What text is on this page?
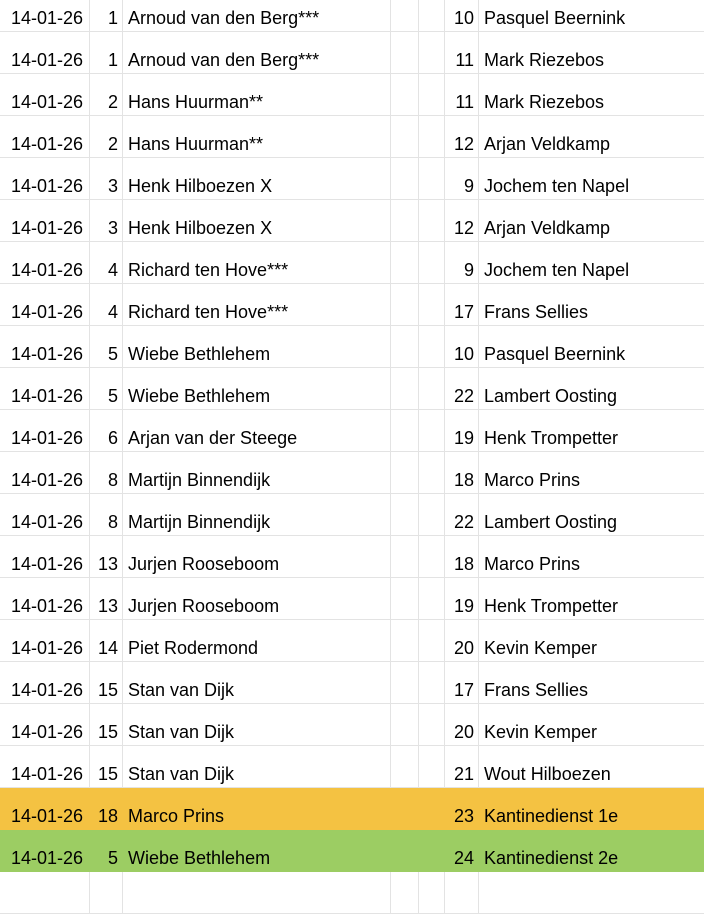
14-01-26	1 Arnoud van den Berg***	10 Pasquel Beernink
14-01-26	1 Arnoud van den Berg***	11 Mark Riezebos
14-01-26	2 Hans Huurman**	11 Mark Riezebos
14-01-26	2 Hans Huurman**	12 Arjan Veldkamp
14-01-26	3 Henk Hilboezen X	9 Jochem ten Napel
14-01-26	3 Henk Hilboezen X	12 Arjan Veldkamp
14-01-26	4 Richard ten Hove***	9 Jochem ten Napel
14-01-26	4 Richard ten Hove***	17 Frans Sellies
14-01-26	5 Wiebe Bethlehem	10 Pasquel Beernink
14-01-26	5 Wiebe Bethlehem	22 Lambert Oosting
14-01-26	6 Arjan van der Steege	19 Henk Trompetter
14-01-26	8 Martijn Binnendijk	18 Marco Prins
14-01-26	8 Martijn Binnendijk	22 Lambert Oosting
14-01-26 13 Jurjen Rooseboom	18 Marco Prins
14-01-26 13 Jurjen Rooseboom	19 Henk Trompetter
14-01-26 14 Piet Rodermond	20 Kevin Kemper
14-01-26 15 Stan van Dijk	17 Frans Sellies
14-01-26 15 Stan van Dijk	20 Kevin Kemper
14-01-26 15 Stan van Dijk	21 Wout Hilboezen
14-01-26 18 Marco Prins	23 Kantinedienst 1e
14-01-26	5 Wiebe Bethlehem	24 Kantinedienst 2e
